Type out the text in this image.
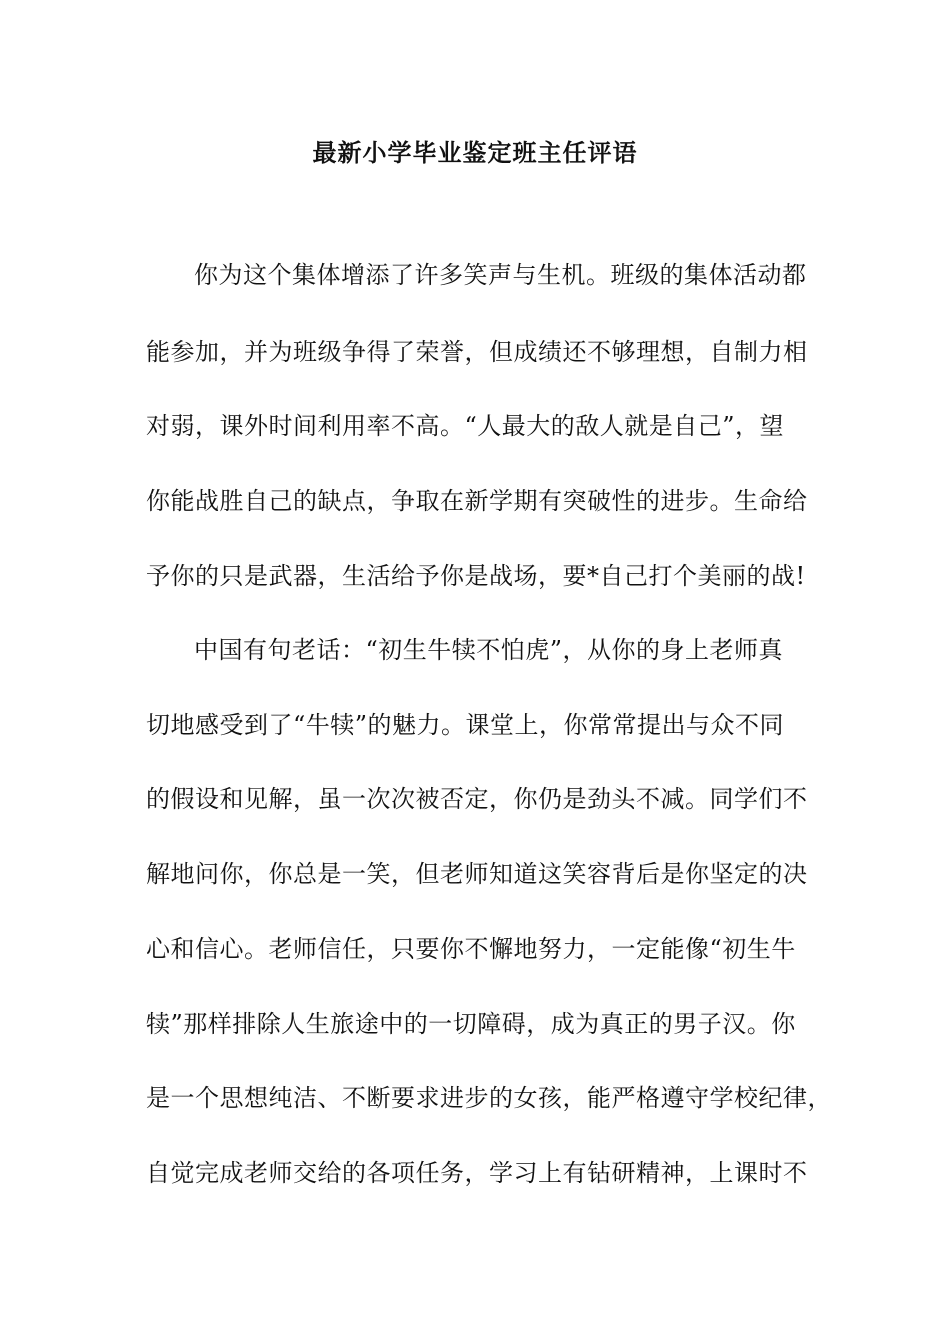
最新小学毕业鉴定班主任评语
你为这个集体增添了许多笑声与生机。班级的集体活动都
能参加，并为班级争得了荣誉，但成绩还不够理想，自制力相
对弱，课外时间利用率不高。“人最大的敌人就是自己”，望
你能战胜自己的缺点，争取在新学期有突破性的进步。生命给
予你的只是武器，生活给予你是战场，要*自己打个美丽的战!
中国有句老话：“初生牛犊不怕虎”，从你的身上老师真
切地感受到了“牛犊”的魅力。课堂上，你常常提出与众不同
的假设和见解，虽一次次被否定，你仍是劲头不减。同学们不
解地问你，你总是一笑，但老师知道这笑容背后是你坚定的决
心和信心。老师信任，只要你不懈地努力，一定能像“初生牛
犊”那样排除人生旅途中的一切障碍，成为真正的男子汉。你
是一个思想纯洁、不断要求进步的女孩，能严格遵守学校纪律，
自觉完成老师交给的各项任务，学习上有钻研精神，上课时不
